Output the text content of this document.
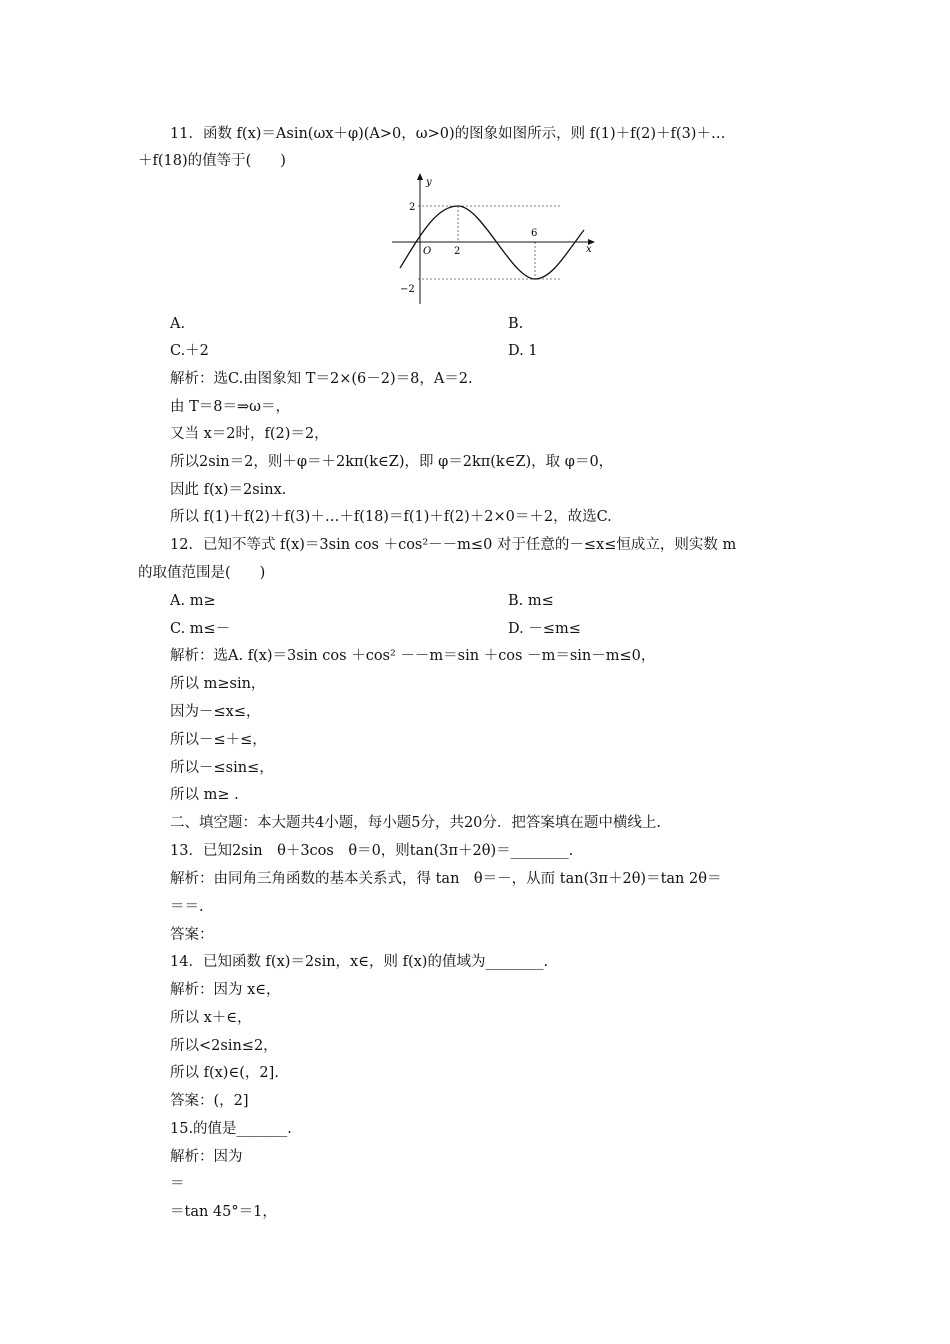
11．函数 f(x)＝Asin(ωx＋φ)(A>0，ω>0)的图象如图所示，则 f(1)＋f(2)＋f(3)＋…
＋f(18)的值等于(　　)
y
x
O
2
−2
2
6
A.	B.
C.＋2	D. 1
解析：选C.由图象知 T＝2×(6－2)＝8，A＝2.
由 T＝8＝⇒ω＝，
又当 x＝2时，f(2)＝2，
所以2sin＝2，则＋φ＝＋2kπ(k∈Z)，即 φ＝2kπ(k∈Z)，取 φ＝0，
因此 f(x)＝2sinx.
所以 f(1)＋f(2)＋f(3)＋…＋f(18)＝f(1)＋f(2)＋2×0＝＋2，故选C.
12．已知不等式 f(x)＝3sin cos ＋cos²－－m≤0 对于任意的－≤x≤恒成立，则实数 m
的取值范围是(　　)
A. m≥	B. m≤
C. m≤－	D. －≤m≤
解析：选A. f(x)＝3sin cos ＋cos² －－m＝sin ＋cos －m＝sin－m≤0，
所以 m≥sin，
因为－≤x≤，
所以－≤＋≤，
所以－≤sin≤，
所以 m≥ .
二、填空题：本大题共4小题，每小题5分，共20分．把答案填在题中横线上.
13．已知2sin　θ＋3cos　θ＝0，则tan(3π＋2θ)＝________.
解析：由同角三角函数的基本关系式，得 tan　θ＝－，从而 tan(3π＋2θ)＝tan 2θ＝
＝＝.
答案：
14．已知函数 f(x)＝2sin，x∈，则 f(x)的值域为________.
解析：因为 x∈，
所以 x＋∈，
所以<2sin≤2，
所以 f(x)∈(，2].
答案：(，2]
15.的值是_______.
解析：因为
＝
＝tan 45°＝1，
